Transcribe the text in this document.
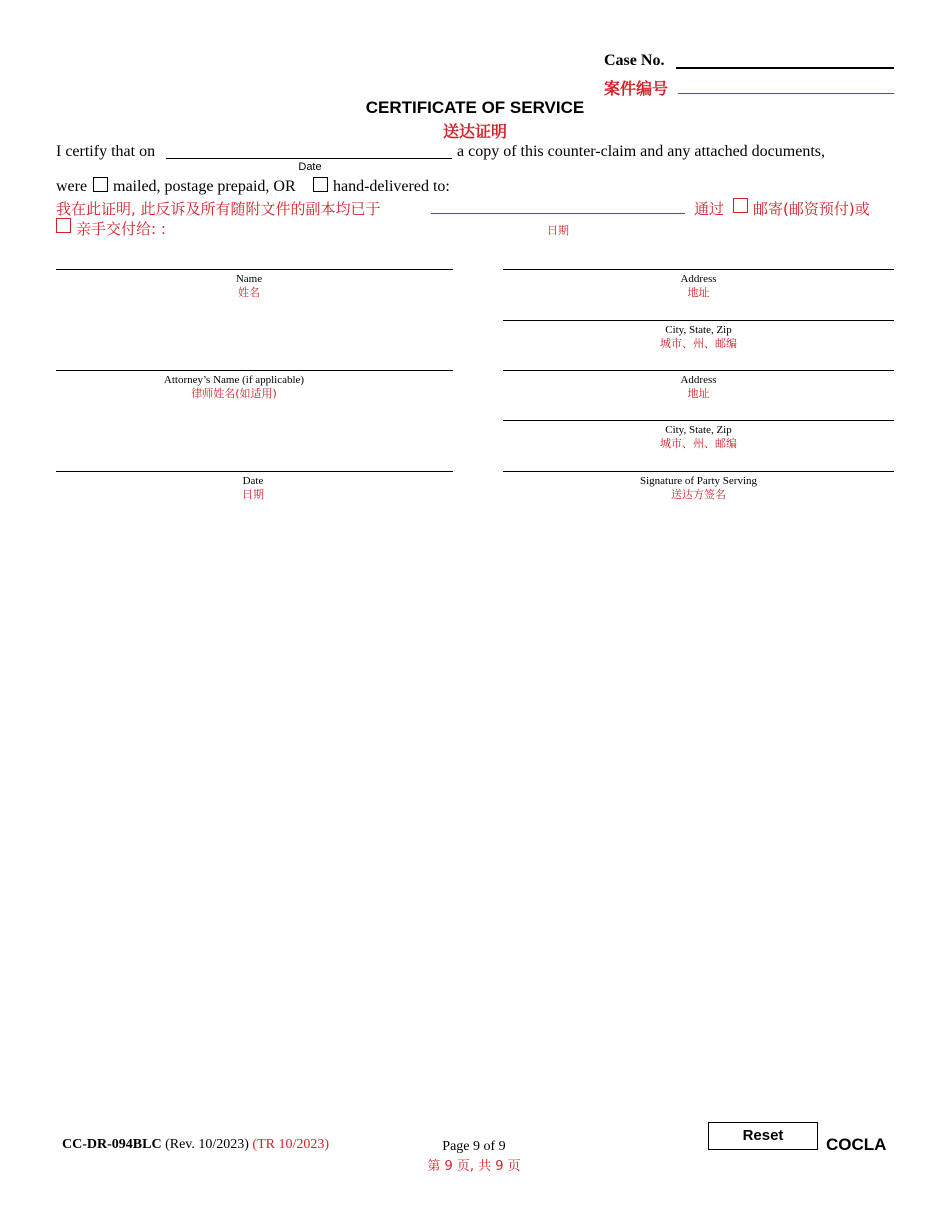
Case No.
案件编号
CERTIFICATE OF SERVICE
送达证明
I certify that on	a copy of this counter-claim and any attached documents,
Date
were mailed, postage prepaid, OR hand-delivered to:
我在此证明, 此反诉及所有随附文件的副本均已于	通过 邮寄(邮资预付)或
亲手交付给: :	日期
Name
姓名
Attorney’s Name (if applicable)
律师姓名(如适用)
Date
日期
Address
地址
City, State, Zip
城市、州、邮编
Address
地址
City, State, Zip
城市、州、邮编
Signature of Party Serving
送达方签名
CC-DR-094BLC (Rev. 10/2023) (TR 10/2023)	Page 9 of 9
第 9 页, 共 9 页
Reset	COCLA
